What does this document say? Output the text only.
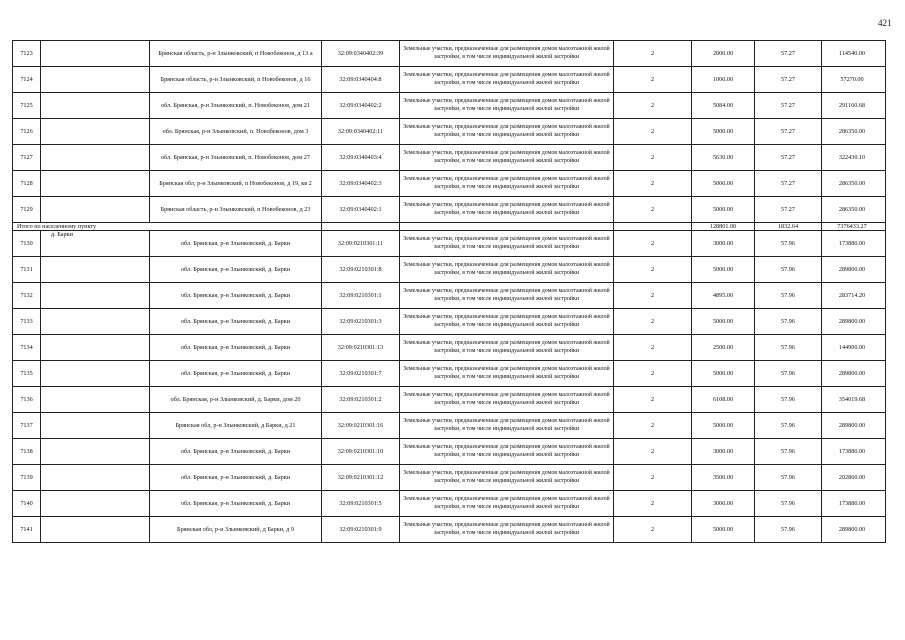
421
7123		Брянская область, р-н Злынковский, п Новобеконов, д 13 а	32:09:0340402:39	Земельные участки, предназначенные для размещения домов малоэтажной жилой застройки, в том числе индивидуальной жилой застройки	2	2000.00	57.27	114540.00
7124		Брянская область, р-н Злынковский, п Новобеконов, д 16	32:09:0340404:8	Земельные участки, предназначенные для размещения домов малоэтажной жилой застройки, в том числе индивидуальной жилой застройки	2	1000.00	57.27	57270.00
7125		обл. Брянская, р-н Злынковский, п. Новобеконов, дом 21	32:09:0340402:2	Земельные участки, предназначенные для размещения домов малоэтажной жилой застройки, в том числе индивидуальной жилой застройки	2	5084.00	57.27	291160.68
7126		обл. Брянская, р-н Злынковский, п. Новобеконов, дом 3	32:09:0340402:11	Земельные участки, предназначенные для размещения домов малоэтажной жилой застройки, в том числе индивидуальной жилой застройки	2	5000.00	57.27	286350.00
7127		обл. Брянская, р-н Злынковский, п. Новобеконов, дом 27	32:09:0340403:4	Земельные участки, предназначенные для размещения домов малоэтажной жилой застройки, в том числе индивидуальной жилой застройки	2	5630.00	57.27	322430.10
7128		Брянская обл, р-н Злынковский, п Новобеконов, д 19, кв 2	32:09:0340402:3	Земельные участки, предназначенные для размещения домов малоэтажной жилой застройки, в том числе индивидуальной жилой застройки	2	5000.00	57.27	286350.00
7129		Брянская область, р-н Злынковский, п Новобеконов, д 23	32:09:0340402:1	Земельные участки, предназначенные для размещения домов малоэтажной жилой застройки, в том числе индивидуальной жилой застройки	2	5000.00	57.27	286350.00
Итого по населенному пункту						128801.00	1832.64	7376433.27
7130	д. Барки	обл. Брянская, р-н Злынковский, д. Барки	32:09:0210301:11	Земельные участки, предназначенные для размещения домов малоэтажной жилой застройки, в том числе индивидуальной жилой застройки	2	3000.00	57.96	173880.00
7131		обл. Брянская, р-н Злынковский, д. Барки	32:09:0210301:8	Земельные участки, предназначенные для размещения домов малоэтажной жилой застройки, в том числе индивидуальной жилой застройки	2	5000.00	57.96	289800.00
7132		обл. Брянская, р-н Злынковский, д. Барки	32:09:0210301:1	Земельные участки, предназначенные для размещения домов малоэтажной жилой застройки, в том числе индивидуальной жилой застройки	2	4895.00	57.96	283714.20
7133		обл. Брянская, р-н Злынковский, д. Барки	32:09:0210301:3	Земельные участки, предназначенные для размещения домов малоэтажной жилой застройки, в том числе индивидуальной жилой застройки	2	5000.00	57.96	289800.00
7134		обл. Брянская, р-н Злынковский, д. Барки	32:09:0210301:13	Земельные участки, предназначенные для размещения домов малоэтажной жилой застройки, в том числе индивидуальной жилой застройки	2	2500.00	57.96	144900.00
7135		обл. Брянская, р-н Злынковский, д. Барки	32:09:0210301:7	Земельные участки, предназначенные для размещения домов малоэтажной жилой застройки, в том числе индивидуальной жилой застройки	2	5000.00	57.96	289800.00
7136		обл. Брянская, р-н Злынковский, д. Барки, дом 20	32:09:0210301:2	Земельные участки, предназначенные для размещения домов малоэтажной жилой застройки, в том числе индивидуальной жилой застройки	2	6108.00	57.96	354019.68
7137		Брянская обл, р-н Злынковский, д Барки, д 21	32:09:0210301:16	Земельные участки, предназначенные для размещения домов малоэтажной жилой застройки, в том числе индивидуальной жилой застройки	2	5000.00	57.96	289800.00
7138		обл. Брянская, р-н Злынковский, д. Барки	32:09:0210301:10	Земельные участки, предназначенные для размещения домов малоэтажной жилой застройки, в том числе индивидуальной жилой застройки	2	3000.00	57.96	173880.00
7139		обл. Брянская, р-н Злынковский, д. Барки	32:09:0210301:12	Земельные участки, предназначенные для размещения домов малоэтажной жилой застройки, в том числе индивидуальной жилой застройки	2	3500.00	57.96	202860.00
7140		обл. Брянская, р-н Злынковский, д. Барки	32:09:0210301:5	Земельные участки, предназначенные для размещения домов малоэтажной жилой застройки, в том числе индивидуальной жилой застройки	2	3000.00	57.96	173880.00
7141		Брянская обл, р-н Злынковский, д Барки, д 9	32:09:0210301:9	Земельные участки, предназначенные для размещения домов малоэтажной жилой застройки, в том числе индивидуальной жилой застройки	2	5000.00	57.96	289800.00
